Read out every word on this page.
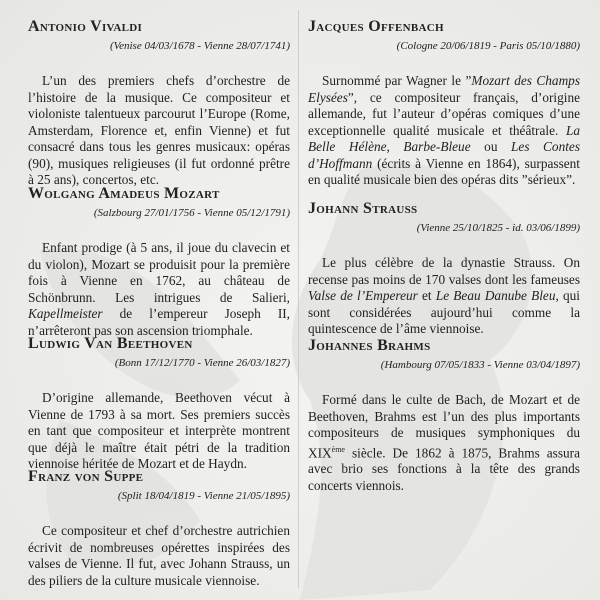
Antonio Vivaldi
(Venise 04/03/1678 - Vienne 28/07/1741)
L’un des premiers chefs d’orchestre de l’histoire de la musique. Ce compositeur et violoniste talentueux parcourut l’Europe (Rome, Amsterdam, Florence et, enfin Vienne) et fut consacré dans tous les genres musicaux: opéras (90), musiques religieuses (il fut ordonné prêtre à 25 ans), concertos, etc.
Wolgang Amadeus Mozart
(Salzbourg 27/01/1756 - Vienne 05/12/1791)
Enfant prodige (à 5 ans, il joue du clavecin et du violon), Mozart se produisit pour la première fois à Vienne en 1762, au château de Schönbrunn. Les intrigues de Salieri, Kapellmeister de l’empereur Joseph II, n’arrêteront pas son ascension triomphale.
Ludwig Van Beethoven
(Bonn 17/12/1770 - Vienne 26/03/1827)
D’origine allemande, Beethoven vécut à Vienne de 1793 à sa mort. Ses premiers succès en tant que compositeur et interprète montrent que déjà le maître était pétri de la tradition viennoise héritée de Mozart et de Haydn.
Franz von Suppe
(Split 18/04/1819 - Vienne 21/05/1895)
Ce compositeur et chef d’orchestre autrichien écrivit de nombreuses opérettes inspirées des valses de Vienne. Il fut, avec Johann Strauss, un des piliers de la culture musicale viennoise.
Jacques Offenbach
(Cologne 20/06/1819 - Paris 05/10/1880)
Surnommé par Wagner le ”Mozart des Champs Elysées”, ce compositeur français, d’origine allemande, fut l’auteur d’opéras comiques d’une exceptionnelle qualité musicale et théâtrale. La Belle Hélène, Barbe-Bleue ou Les Contes d’Hoffmann (écrits à Vienne en 1864), surpassent en qualité musicale bien des opéras dits ”sérieux”.
Johann Strauss
(Vienne 25/10/1825 - id. 03/06/1899)
Le plus célèbre de la dynastie Strauss. On recense pas moins de 170 valses dont les fameuses Valse de l’Empereur et Le Beau Danube Bleu, qui sont considérées aujourd’hui comme la quintescence de l’âme viennoise.
Johannes Brahms
(Hambourg 07/05/1833 - Vienne 03/04/1897)
Formé dans le culte de Bach, de Mozart et de Beethoven, Brahms est l’un des plus importants compositeurs de musiques symphoniques du XIXème siècle. De 1862 à 1875, Brahms assura avec brio ses fonctions à la tête des grands concerts viennois.
